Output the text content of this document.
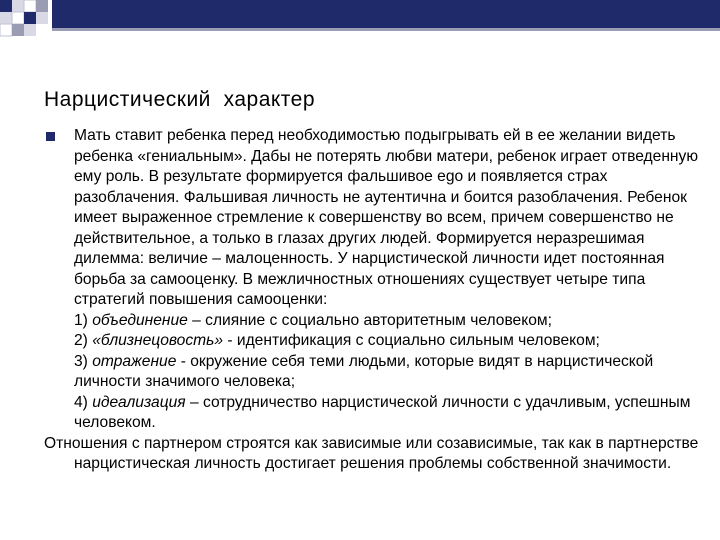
Нарцистический  характер
Мать ставит ребенка перед необходимостью подыгрывать ей в ее желании видеть ребенка «гениальным». Дабы не потерять любви матери, ребенок играет отведенную ему роль. В результате формируется фальшивое ego и появляется страх разоблачения. Фальшивая личность не аутентична и боится разоблачения. Ребенок имеет выраженное стремление к совершенству во всем, причем совершенство не действительное, а только в глазах других людей. Формируется неразрешимая дилемма: величие – малоценность. У нарцистической личности идет постоянная борьба за самооценку. В межличностных отношениях существует четыре типа стратегий повышения самооценки:
1) объединение – слияние с социально авторитетным человеком;
2) «близнецовость» - идентификация с социально сильным человеком;
3) отражение - окружение себя теми людьми, которые видят в нарцистической личности значимого человека;
4) идеализация – сотрудничество нарцистической личности с удачливым, успешным человеком.
Отношения с партнером строятся как зависимые или созависимые, так как в партнерстве нарцистическая личность достигает решения проблемы собственной значимости.
